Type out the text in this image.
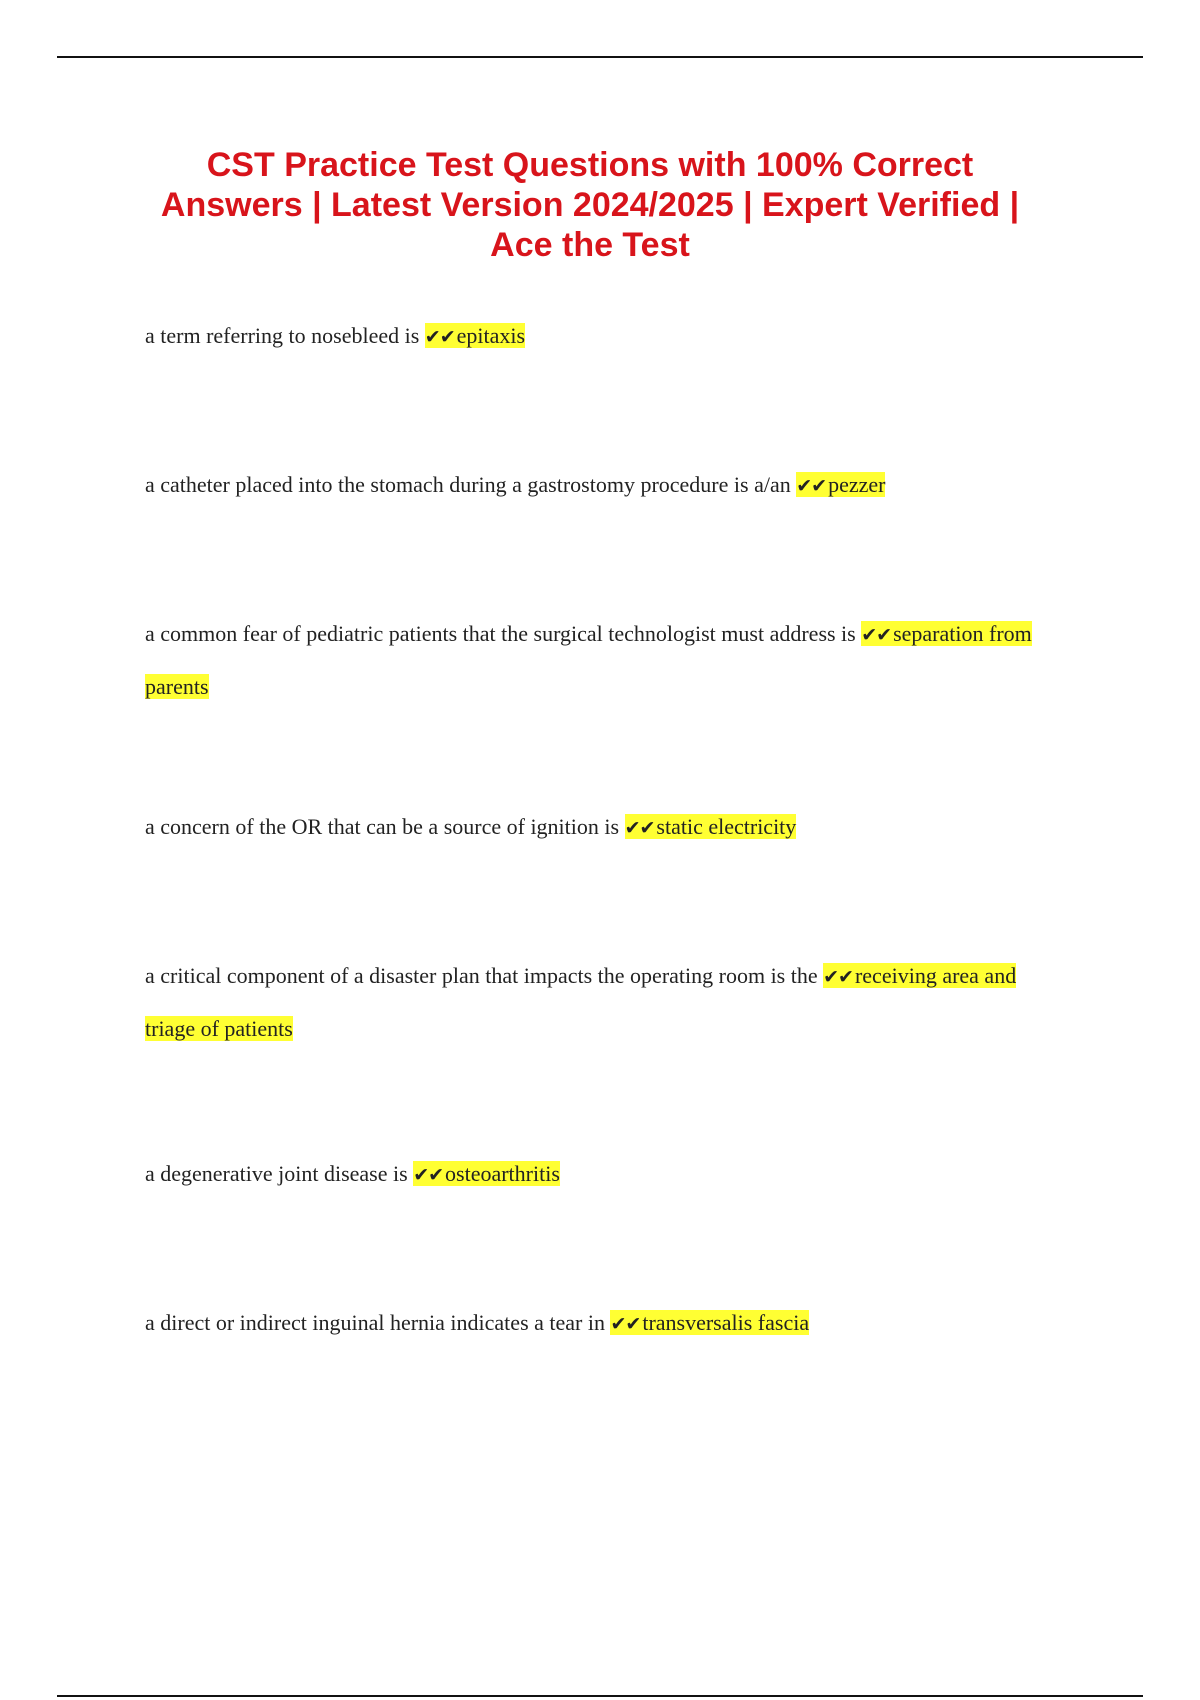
CST Practice Test Questions with 100% Correct Answers | Latest Version 2024/2025 | Expert Verified | Ace the Test

a term referring to nosebleed is ✔✔epitaxis

a catheter placed into the stomach during a gastrostomy procedure is a/an ✔✔pezzer

a common fear of pediatric patients that the surgical technologist must address is ✔✔separation from parents

a concern of the OR that can be a source of ignition is ✔✔static electricity

a critical component of a disaster plan that impacts the operating room is the ✔✔receiving area and triage of patients

a degenerative joint disease is ✔✔osteoarthritis

a direct or indirect inguinal hernia indicates a tear in ✔✔transversalis fascia
